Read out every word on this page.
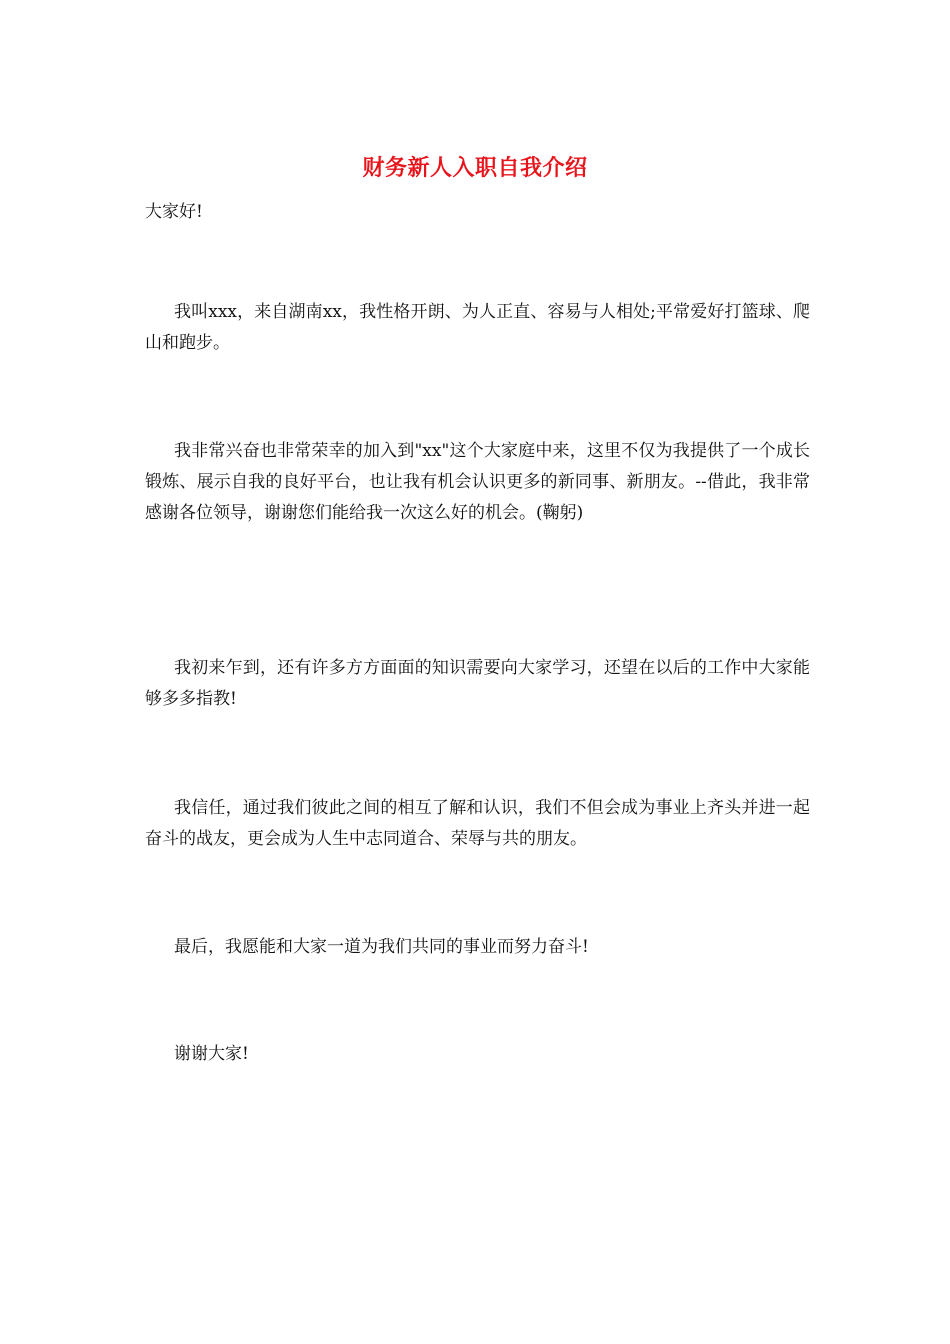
财务新人入职自我介绍

大家好!

我叫xxx，来自湖南xx，我性格开朗、为人正直、容易与人相处;平常爱好打篮球、爬山和跑步。

我非常兴奋也非常荣幸的加入到"xx"这个大家庭中来，这里不仅为我提供了一个成长锻炼、展示自我的良好平台，也让我有机会认识更多的新同事、新朋友。--借此，我非常感谢各位领导，谢谢您们能给我一次这么好的机会。(鞠躬)

我初来乍到，还有许多方方面面的知识需要向大家学习，还望在以后的工作中大家能够多多指教!

我信任，通过我们彼此之间的相互了解和认识，我们不但会成为事业上齐头并进一起奋斗的战友，更会成为人生中志同道合、荣辱与共的朋友。

最后，我愿能和大家一道为我们共同的事业而努力奋斗!

谢谢大家!
